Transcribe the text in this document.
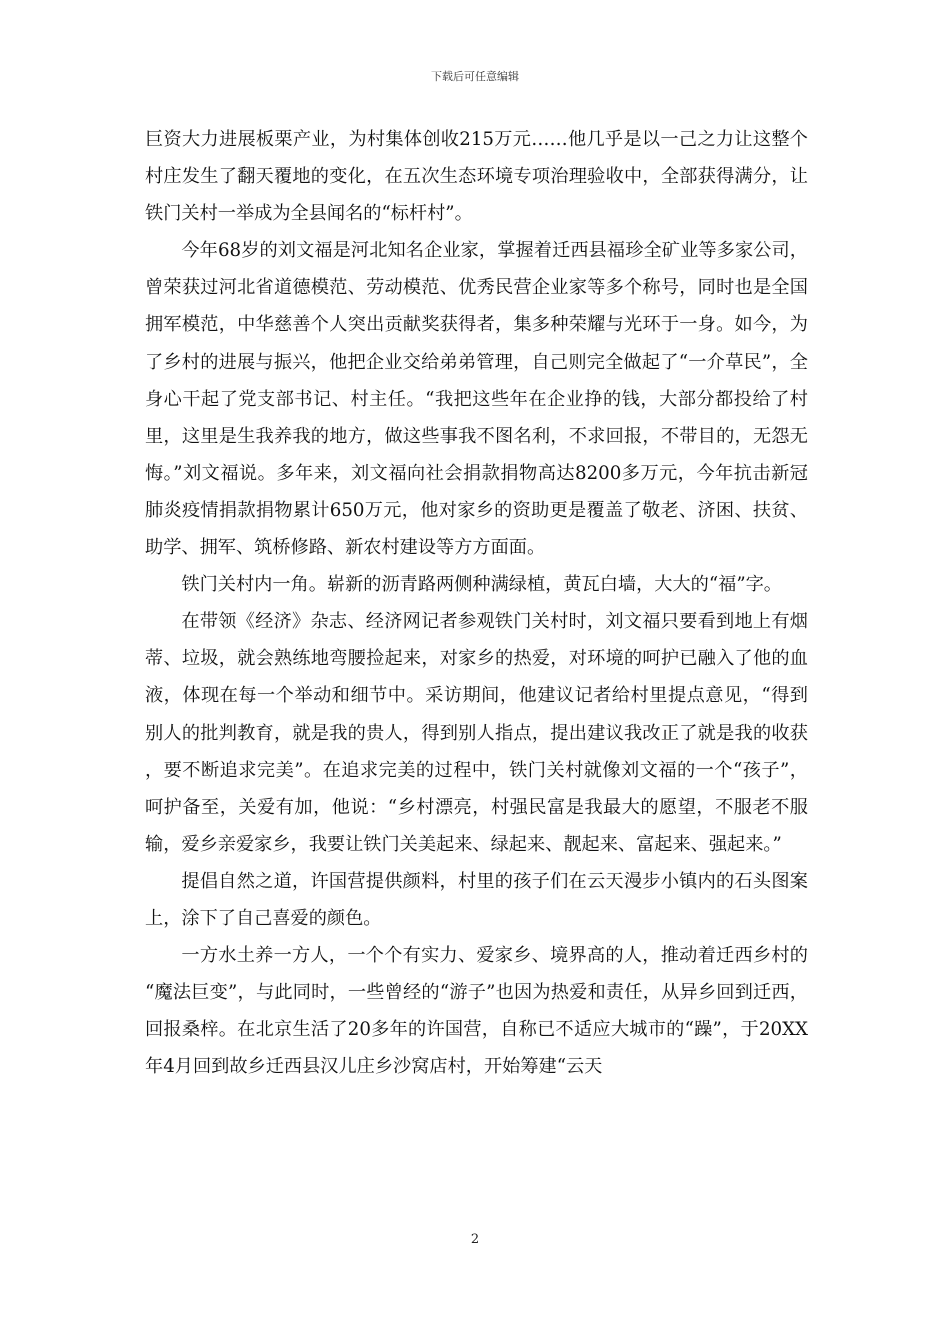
下载后可任意编辑

巨资大力进展板栗产业，为村集体创收215万元……他几乎是以一己之力让这整个村庄发生了翻天覆地的变化，在五次生态环境专项治理验收中，全部获得满分，让铁门关村一举成为全县闻名的“标杆村”。

今年68岁的刘文福是河北知名企业家，掌握着迁西县福珍全矿业等多家公司，曾荣获过河北省道德模范、劳动模范、优秀民营企业家等多个称号，同时也是全国拥军模范，中华慈善个人突出贡献奖获得者，集多种荣耀与光环于一身。如今，为了乡村的进展与振兴，他把企业交给弟弟管理，自己则完全做起了“一介草民”，全身心干起了党支部书记、村主任。“我把这些年在企业挣的钱，大部分都投给了村里，这里是生我养我的地方，做这些事我不图名利，不求回报，不带目的，无怨无悔。”刘文福说。多年来，刘文福向社会捐款捐物高达8200多万元，今年抗击新冠肺炎疫情捐款捐物累计650万元，他对家乡的资助更是覆盖了敬老、济困、扶贫、助学、拥军、筑桥修路、新农村建设等方方面面。

铁门关村内一角。崭新的沥青路两侧种满绿植，黄瓦白墙，大大的“福”字。

在带领《经济》杂志、经济网记者参观铁门关村时，刘文福只要看到地上有烟蒂、垃圾，就会熟练地弯腰捡起来，对家乡的热爱，对环境的呵护已融入了他的血液，体现在每一个举动和细节中。采访期间，他建议记者给村里提点意见，“得到别人的批判教育，就是我的贵人，得到别人指点，提出建议我改正了就是我的收获，要不断追求完美”。在追求完美的过程中，铁门关村就像刘文福的一个“孩子”，呵护备至，关爱有加，他说：“乡村漂亮，村强民富是我最大的愿望，不服老不服输，爱乡亲爱家乡，我要让铁门关美起来、绿起来、靓起来、富起来、强起来。”

提倡自然之道，许国营提供颜料，村里的孩子们在云天漫步小镇内的石头图案上，涂下了自己喜爱的颜色。

一方水土养一方人，一个个有实力、爱家乡、境界高的人，推动着迁西乡村的“魔法巨变”，与此同时，一些曾经的“游子”也因为热爱和责任，从异乡回到迁西，回报桑梓。在北京生活了20多年的许国营，自称已不适应大城市的“躁”，于20XX年4月回到故乡迁西县汉儿庄乡沙窝店村，开始筹建“云天

2
